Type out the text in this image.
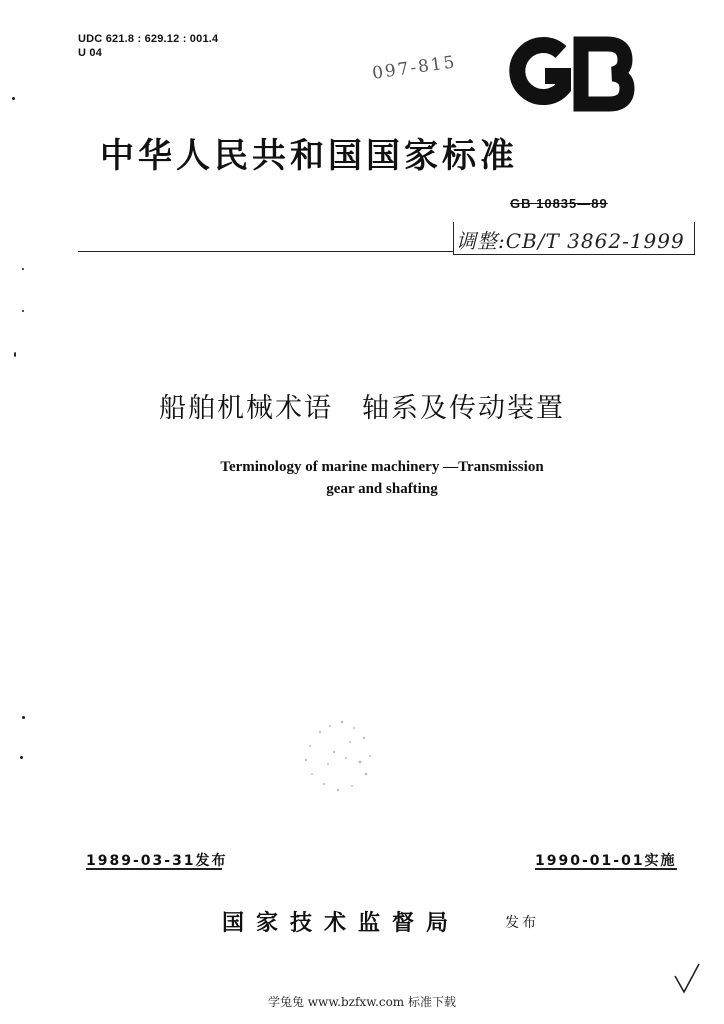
UDC 621.8 : 629.12 : 001.4
U 04	097-815
中华人民共和国国家标准
GB 10835—89
调整:CB/T 3862-1999
船舶机械术语　轴系及传动装置
Terminology of marine machinery —Transmission
gear and shafting
1989-03-31发布	1990-01-01实施
国家技术监督局	发布
学兔兔 www.bzfxw.com 标准下载
